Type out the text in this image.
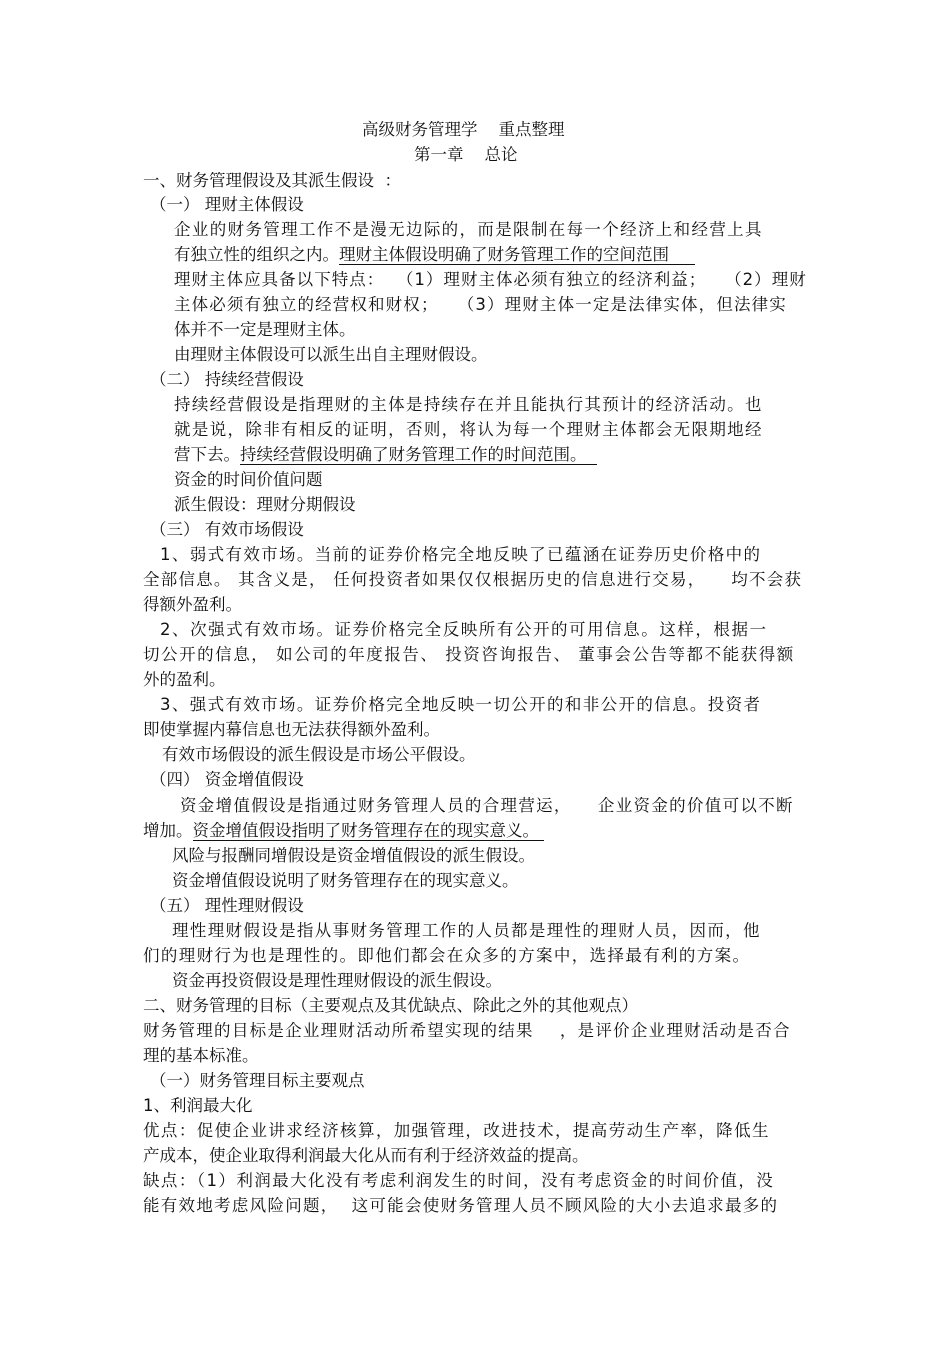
高级财务管理学    重点整理
第一章    总论
一、财务管理假设及其派生假设  ：
（一） 理财主体假设
企业的财务管理工作不是漫无边际的，而是限制在每一个经济上和经营上具
有独立性的组织之内。理财主体假设明确了财务管理工作的空间范围
理财主体应具备以下特点：  （1）理财主体必须有独立的经济利益；   （2）理财
主体必须有独立的经营权和财权；   （3）理财主体一定是法律实体，但法律实
体并不一定是理财主体。
由理财主体假设可以派生出自主理财假设。
（二） 持续经营假设
持续经营假设是指理财的主体是持续存在并且能执行其预计的经济活动。也
就是说，除非有相反的证明，否则，将认为每一个理财主体都会无限期地经
营下去。持续经营假设明确了财务管理工作的时间范围。
资金的时间价值问题
派生假设：理财分期假设
（三） 有效市场假设
1、弱式有效市场。当前的证券价格完全地反映了已蕴涵在证券历史价格中的
全部信息。 其含义是， 任何投资者如果仅仅根据历史的信息进行交易，    均不会获
得额外盈利。
2、次强式有效市场。证券价格完全反映所有公开的可用信息。这样，根据一
切公开的信息， 如公司的年度报告、 投资咨询报告、 董事会公告等都不能获得额
外的盈利。
3、强式有效市场。证券价格完全地反映一切公开的和非公开的信息。投资者
即使掌握内幕信息也无法获得额外盈利。
有效市场假设的派生假设是市场公平假设。
（四） 资金增值假设
资金增值假设是指通过财务管理人员的合理营运，    企业资金的价值可以不断
增加。资金增值假设指明了财务管理存在的现实意义。
风险与报酬同增假设是资金增值假设的派生假设。
资金增值假设说明了财务管理存在的现实意义。
（五） 理性理财假设
理性理财假设是指从事财务管理工作的人员都是理性的理财人员，因而，他
们的理财行为也是理性的。即他们都会在众多的方案中，选择最有利的方案。
资金再投资假设是理性理财假设的派生假设。
二、财务管理的目标（主要观点及其优缺点、除此之外的其他观点）
财务管理的目标是企业理财活动所希望实现的结果    ，是评价企业理财活动是否合
理的基本标准。
（一）财务管理目标主要观点
1、利润最大化
优点：促使企业讲求经济核算，加强管理，改进技术，提高劳动生产率，降低生
产成本，使企业取得利润最大化从而有利于经济效益的提高。
缺点：（1）利润最大化没有考虑利润发生的时间，没有考虑资金的时间价值，没
能有效地考虑风险问题，  这可能会使财务管理人员不顾风险的大小去追求最多的
